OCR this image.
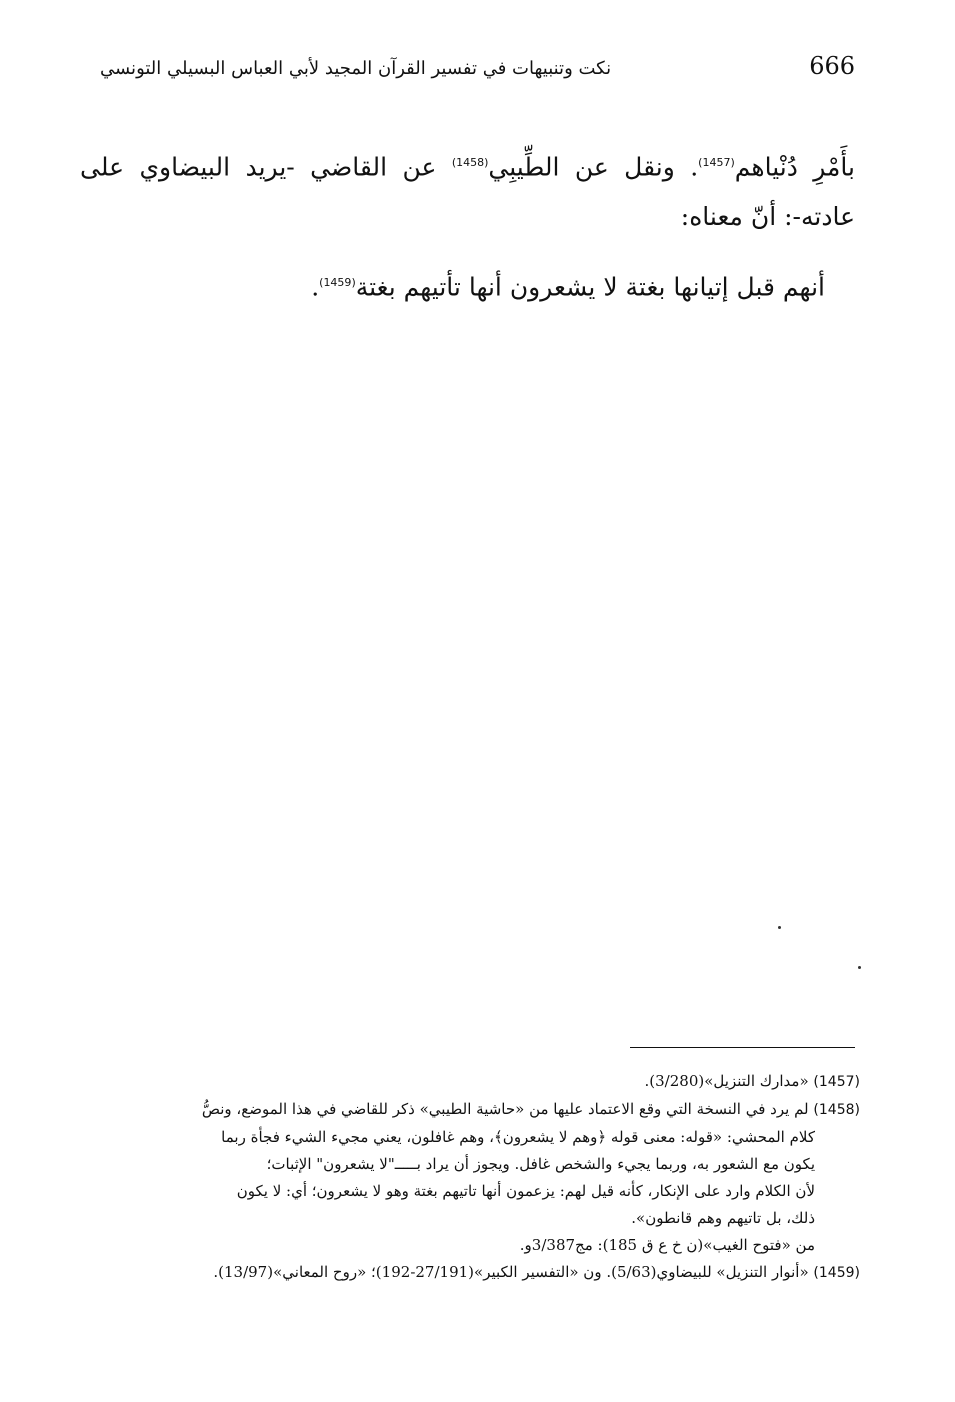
666
نكت وتنبيهات في تفسير القرآن المجيد لأبي العباس البسيلي التونسي
بأَمْرِ دُنْياهم$^{(1457)}$. ونقل عن الطِّيبِي$^{(1458)}$ عن القاضي -يريد البيضاوي على عادته-: أنّ معناه:
أنهم قبل إتيانها بغتة لا يشعرون أنها تأتيهم بغتة$^{(1459)}$.

(1457) «مدارك التنزيل»(3/280).

(1458) لم يرد في النسخة التي وقع الاعتماد عليها من «حاشية الطيبي» ذكر للقاضي في هذا الموضع، ونصُّ

كلام المحشي: «قوله: معنى قوله ﴿وهم لا يشعرون﴾، وهم غافلون، يعني مجيء الشيء فجأة ربما

يكون مع الشعور به، وربما يجيء والشخص غافل. ويجوز أن يراد بـــــ"لا يشعرون" الإثبات؛

لأن الكلام وارد على الإنكار، كأنه قيل لهم: يزعمون أنها تاتيهم بغتة وهو لا يشعرون؛ أي: لا يكون

ذلك، بل تاتيهم وهم قانطون».

من «فتوح الغيب»(ن خ ع ق 185): مج3/387و.

(1459) «أنوار التنزيل» للبيضاوي(5/63). ون «التفسير الكبير»(27/191-192)؛ «روح المعاني»(13/97).
